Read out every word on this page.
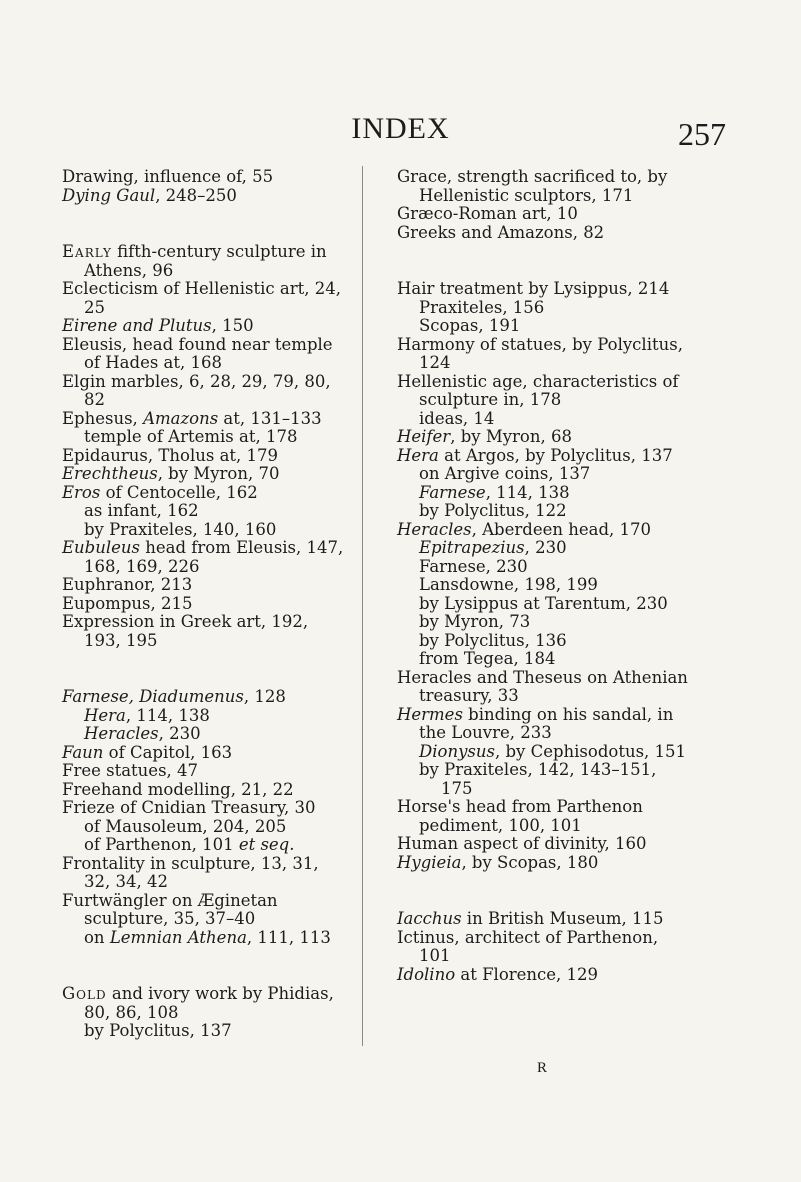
INDEX	257
Drawing, influence of, 55
Dying Gaul, 248–250
Early fifth-century sculpture in Athens, 96
Eclecticism of Hellenistic art, 24, 25
Eirene and Plutus, 150
Eleusis, head found near temple of Hades at, 168
Elgin marbles, 6, 28, 29, 79, 80, 82
Ephesus, Amazons at, 131–133
temple of Artemis at, 178
Epidaurus, Tholus at, 179
Erechtheus, by Myron, 70
Eros of Centocelle, 162
as infant, 162
by Praxiteles, 140, 160
Eubuleus head from Eleusis, 147, 168, 169, 226
Euphranor, 213
Eupompus, 215
Expression in Greek art, 192, 193, 195
Farnese, Diadumenus, 128
Hera, 114, 138
Heracles, 230
Faun of Capitol, 163
Free statues, 47
Freehand modelling, 21, 22
Frieze of Cnidian Treasury, 30
of Mausoleum, 204, 205
of Parthenon, 101 et seq.
Frontality in sculpture, 13, 31, 32, 34, 42
Furtwängler on Æginetan sculpture, 35, 37–40
on Lemnian Athena, 111, 113
Gold and ivory work by Phidias, 80, 86, 108
by Polyclitus, 137
Grace, strength sacrificed to, by Hellenistic sculptors, 171
Græco-Roman art, 10
Greeks and Amazons, 82
Hair treatment by Lysippus, 214
Praxiteles, 156
Scopas, 191
Harmony of statues, by Polyclitus, 124
Hellenistic age, characteristics of sculpture in, 178
ideas, 14
Heifer, by Myron, 68
Hera at Argos, by Polyclitus, 137
on Argive coins, 137
Farnese, 114, 138
by Polyclitus, 122
Heracles, Aberdeen head, 170
Epitrapezius, 230
Farnese, 230
Lansdowne, 198, 199
by Lysippus at Tarentum, 230
by Myron, 73
by Polyclitus, 136
from Tegea, 184
Heracles and Theseus on Athenian treasury, 33
Hermes binding on his sandal, in the Louvre, 233
Dionysus, by Cephisodotus, 151
by Praxiteles, 142, 143–151, 175
Horse's head from Parthenon pediment, 100, 101
Human aspect of divinity, 160
Hygieia, by Scopas, 180
Iacchus in British Museum, 115
Ictinus, architect of Parthenon, 101
Idolino at Florence, 129
R
